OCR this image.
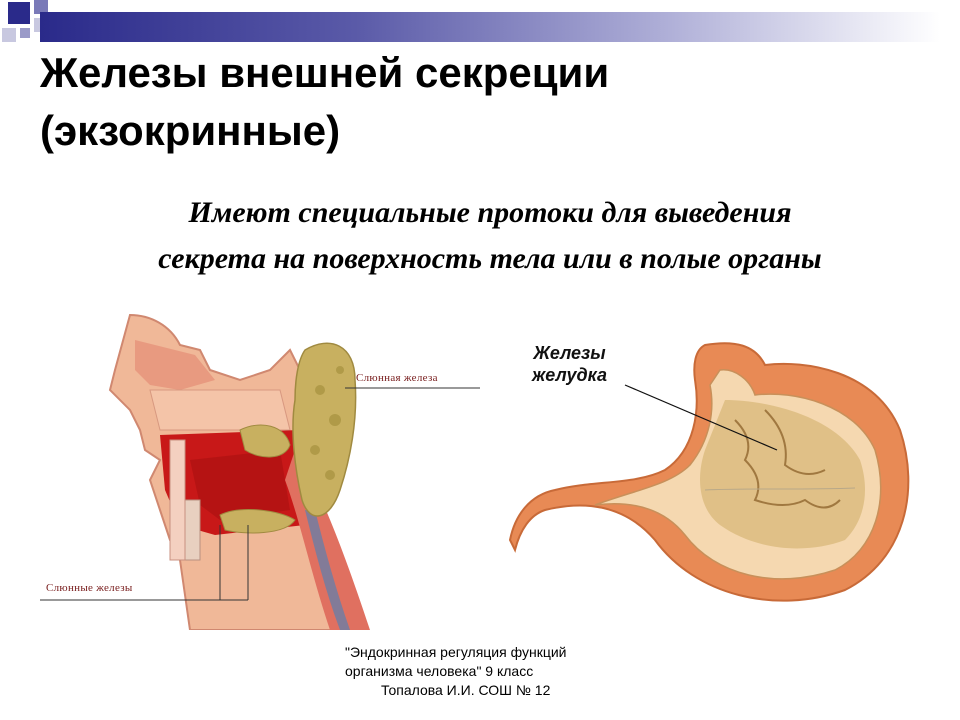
Железы внешней секреции (экзокринные)
Имеют специальные протоки для выведения
секрета на поверхность тела или в полые органы
Слюнная железа
Слюнные железы
Железы
желудка
"Эндокринная регуляция функций
организма человека" 9 класс
Топалова И.И. СОШ № 12
